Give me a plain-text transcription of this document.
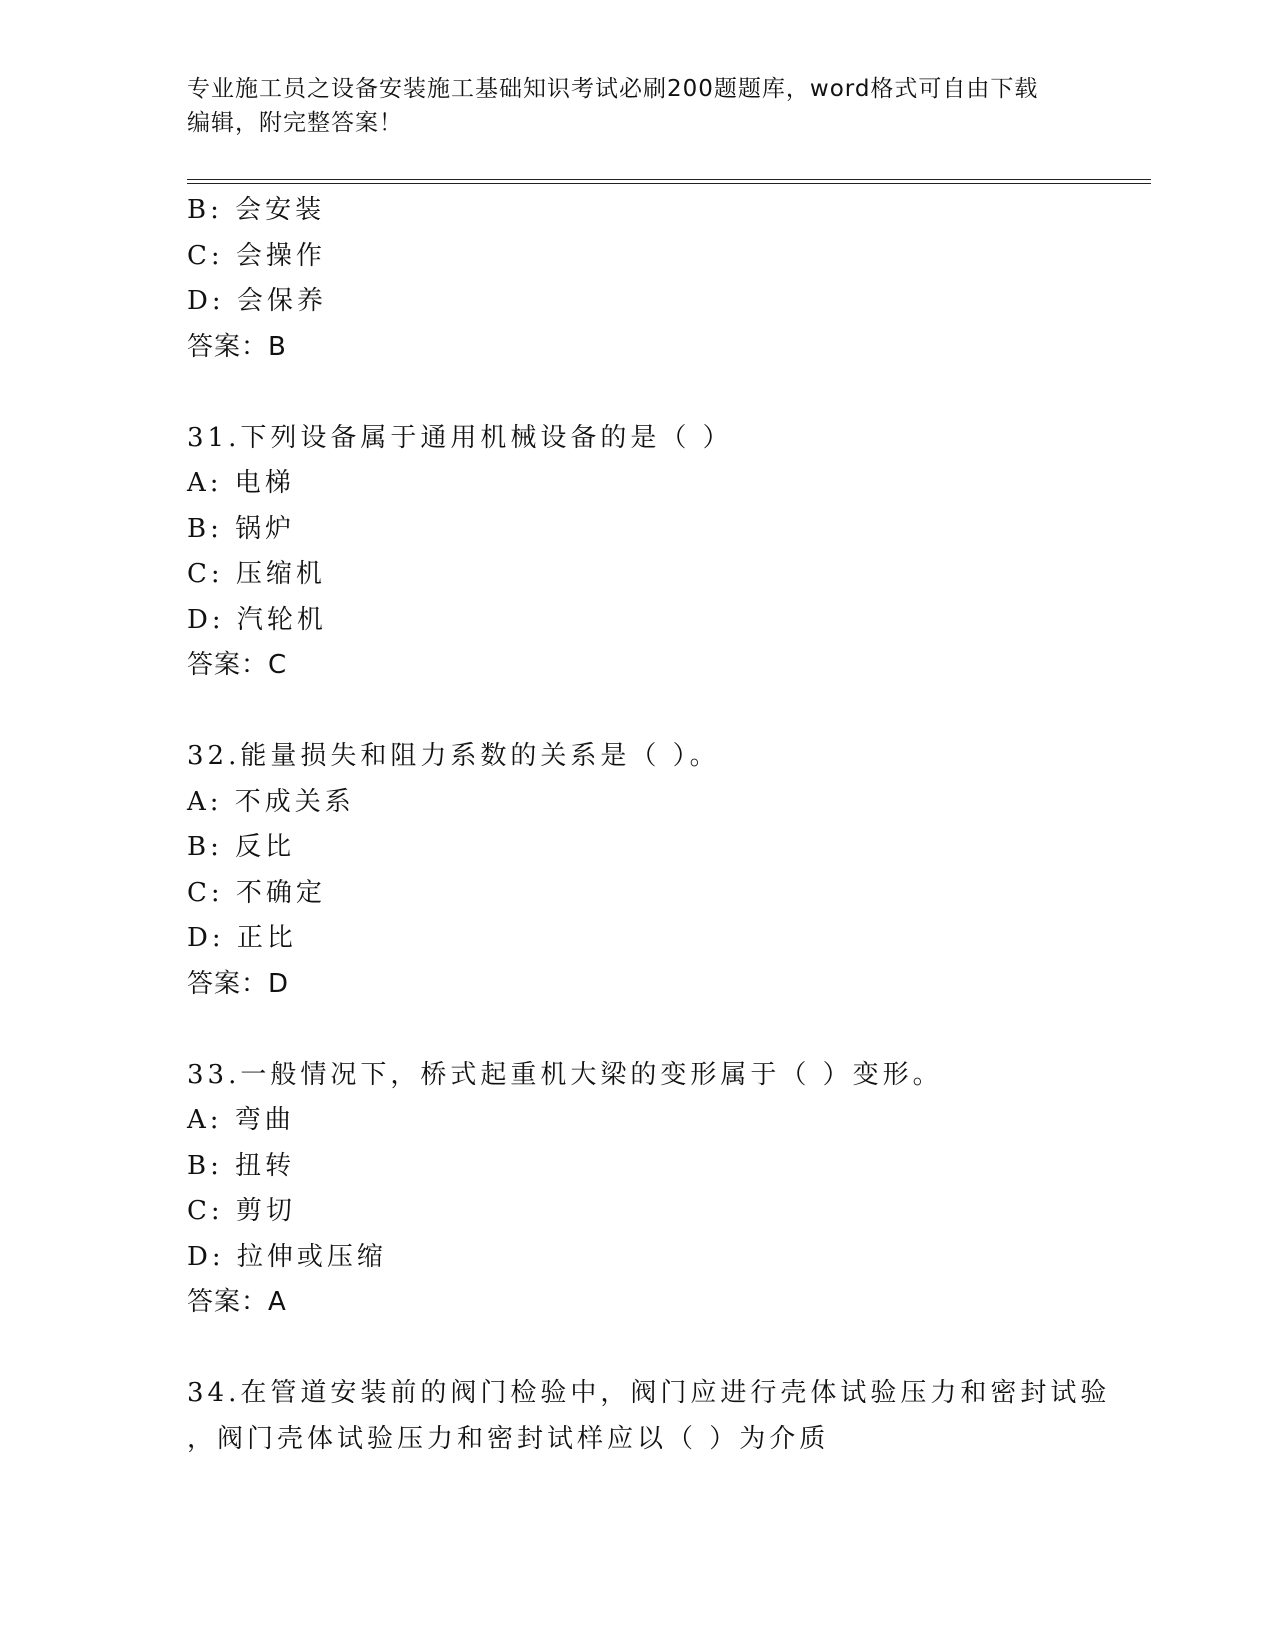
专业施工员之设备安装施工基础知识考试必刷200题题库，word格式可自由下载
编辑，附完整答案！
B: 会安装
C: 会操作
D: 会保养
答案：B
31.下列设备属于通用机械设备的是（ ）
A: 电梯
B: 锅炉
C: 压缩机
D: 汽轮机
答案：C
32.能量损失和阻力系数的关系是（ ）。
A: 不成关系
B: 反比
C: 不确定
D: 正比
答案：D
33.一般情况下，桥式起重机大梁的变形属于（ ）变形。
A: 弯曲
B: 扭转
C: 剪切
D: 拉伸或压缩
答案：A
34.在管道安装前的阀门检验中，阀门应进行壳体试验压力和密封试验
，阀门壳体试验压力和密封试样应以（ ）为介质
